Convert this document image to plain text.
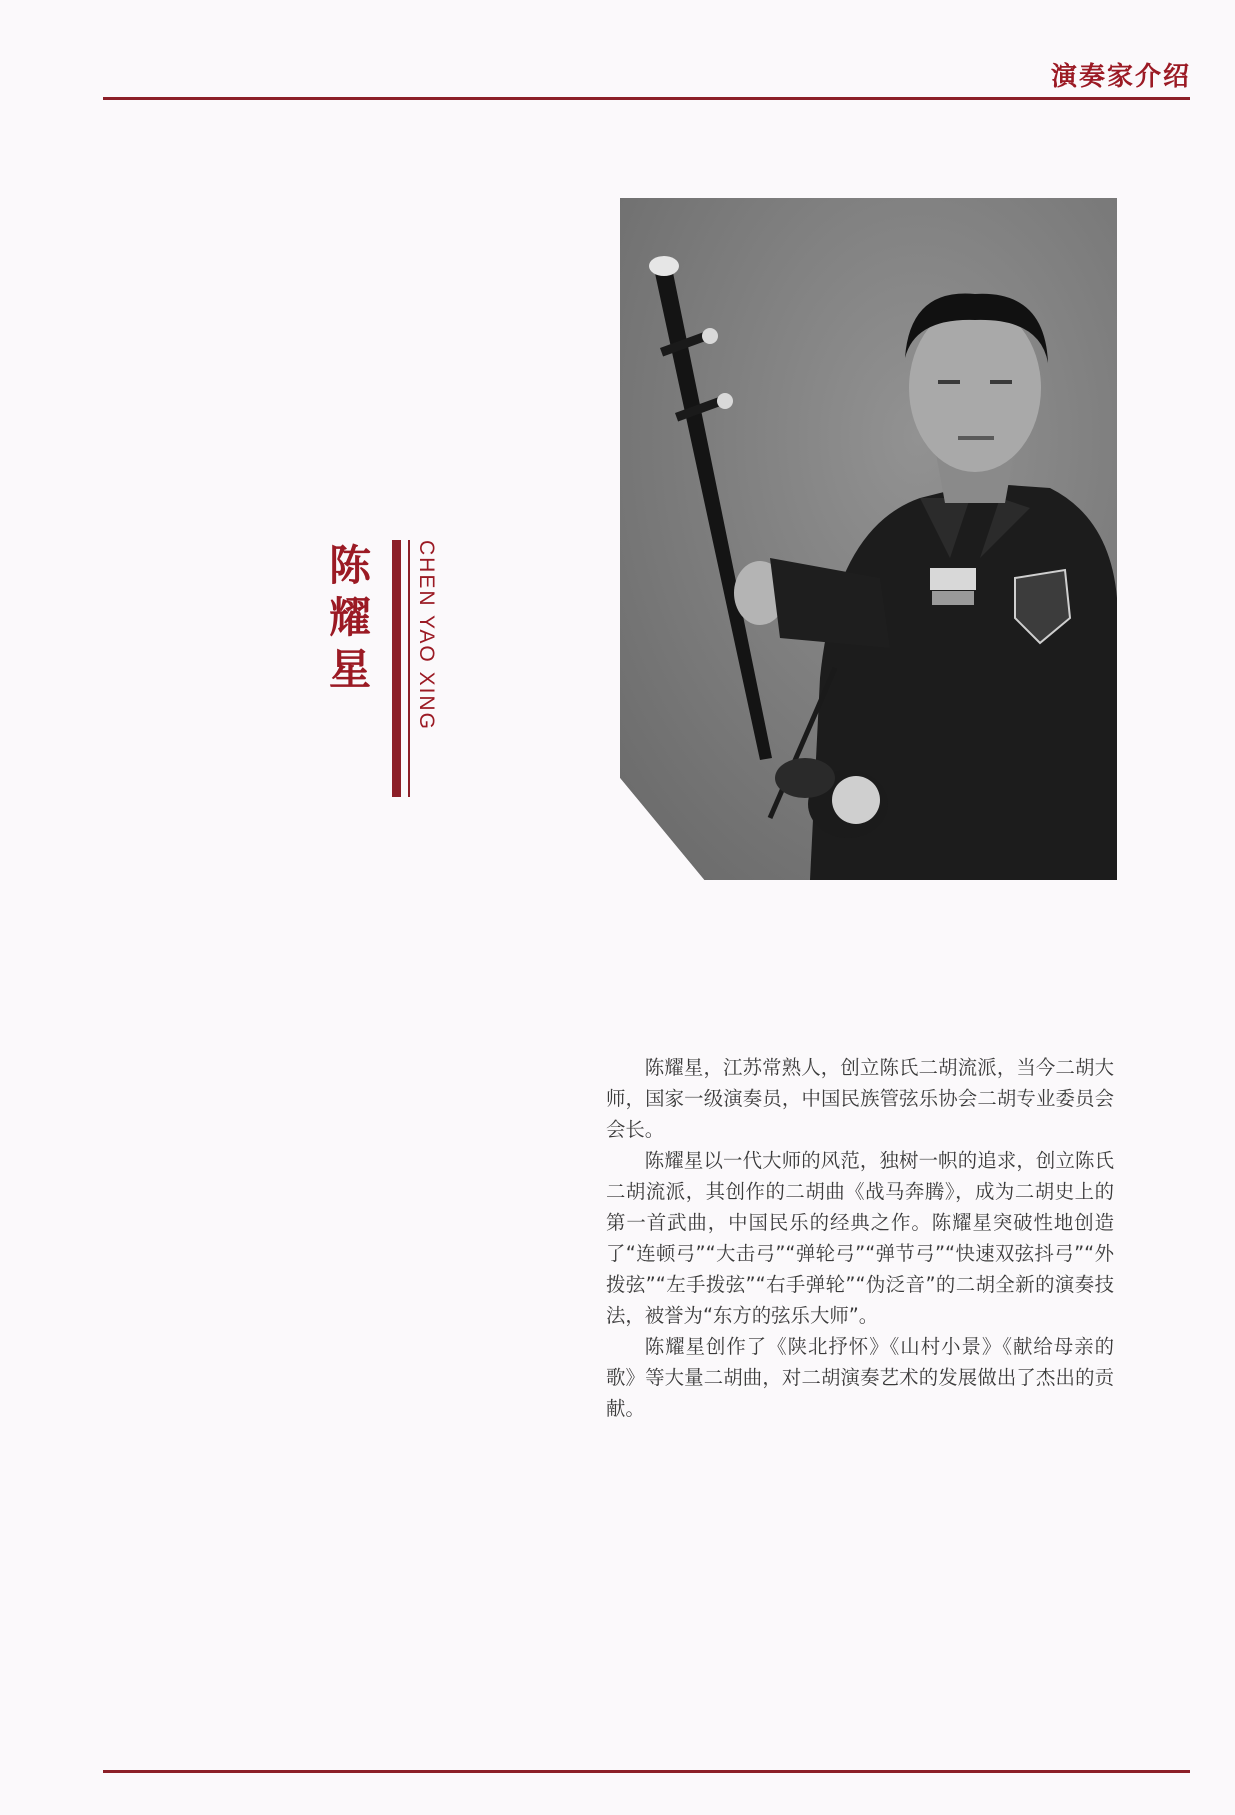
演奏家介绍
陈
耀
星 CHEN YAO XING

陈耀星，江苏常熟人，创立陈氏二胡流派，当今二胡大师，国家一级演奏员，中国民族管弦乐协会二胡专业委员会会长。

陈耀星以一代大师的风范，独树一帜的追求，创立陈氏二胡流派，其创作的二胡曲《战马奔腾》，成为二胡史上的第一首武曲，中国民乐的经典之作。陈耀星突破性地创造了“连顿弓”“大击弓”“弹轮弓”“弹节弓”“快速双弦抖弓”“外拨弦”“左手拨弦”“右手弹轮”“伪泛音”的二胡全新的演奏技法，被誉为“东方的弦乐大师”。

陈耀星创作了《陕北抒怀》《山村小景》《献给母亲的歌》等大量二胡曲，对二胡演奏艺术的发展做出了杰出的贡献。
